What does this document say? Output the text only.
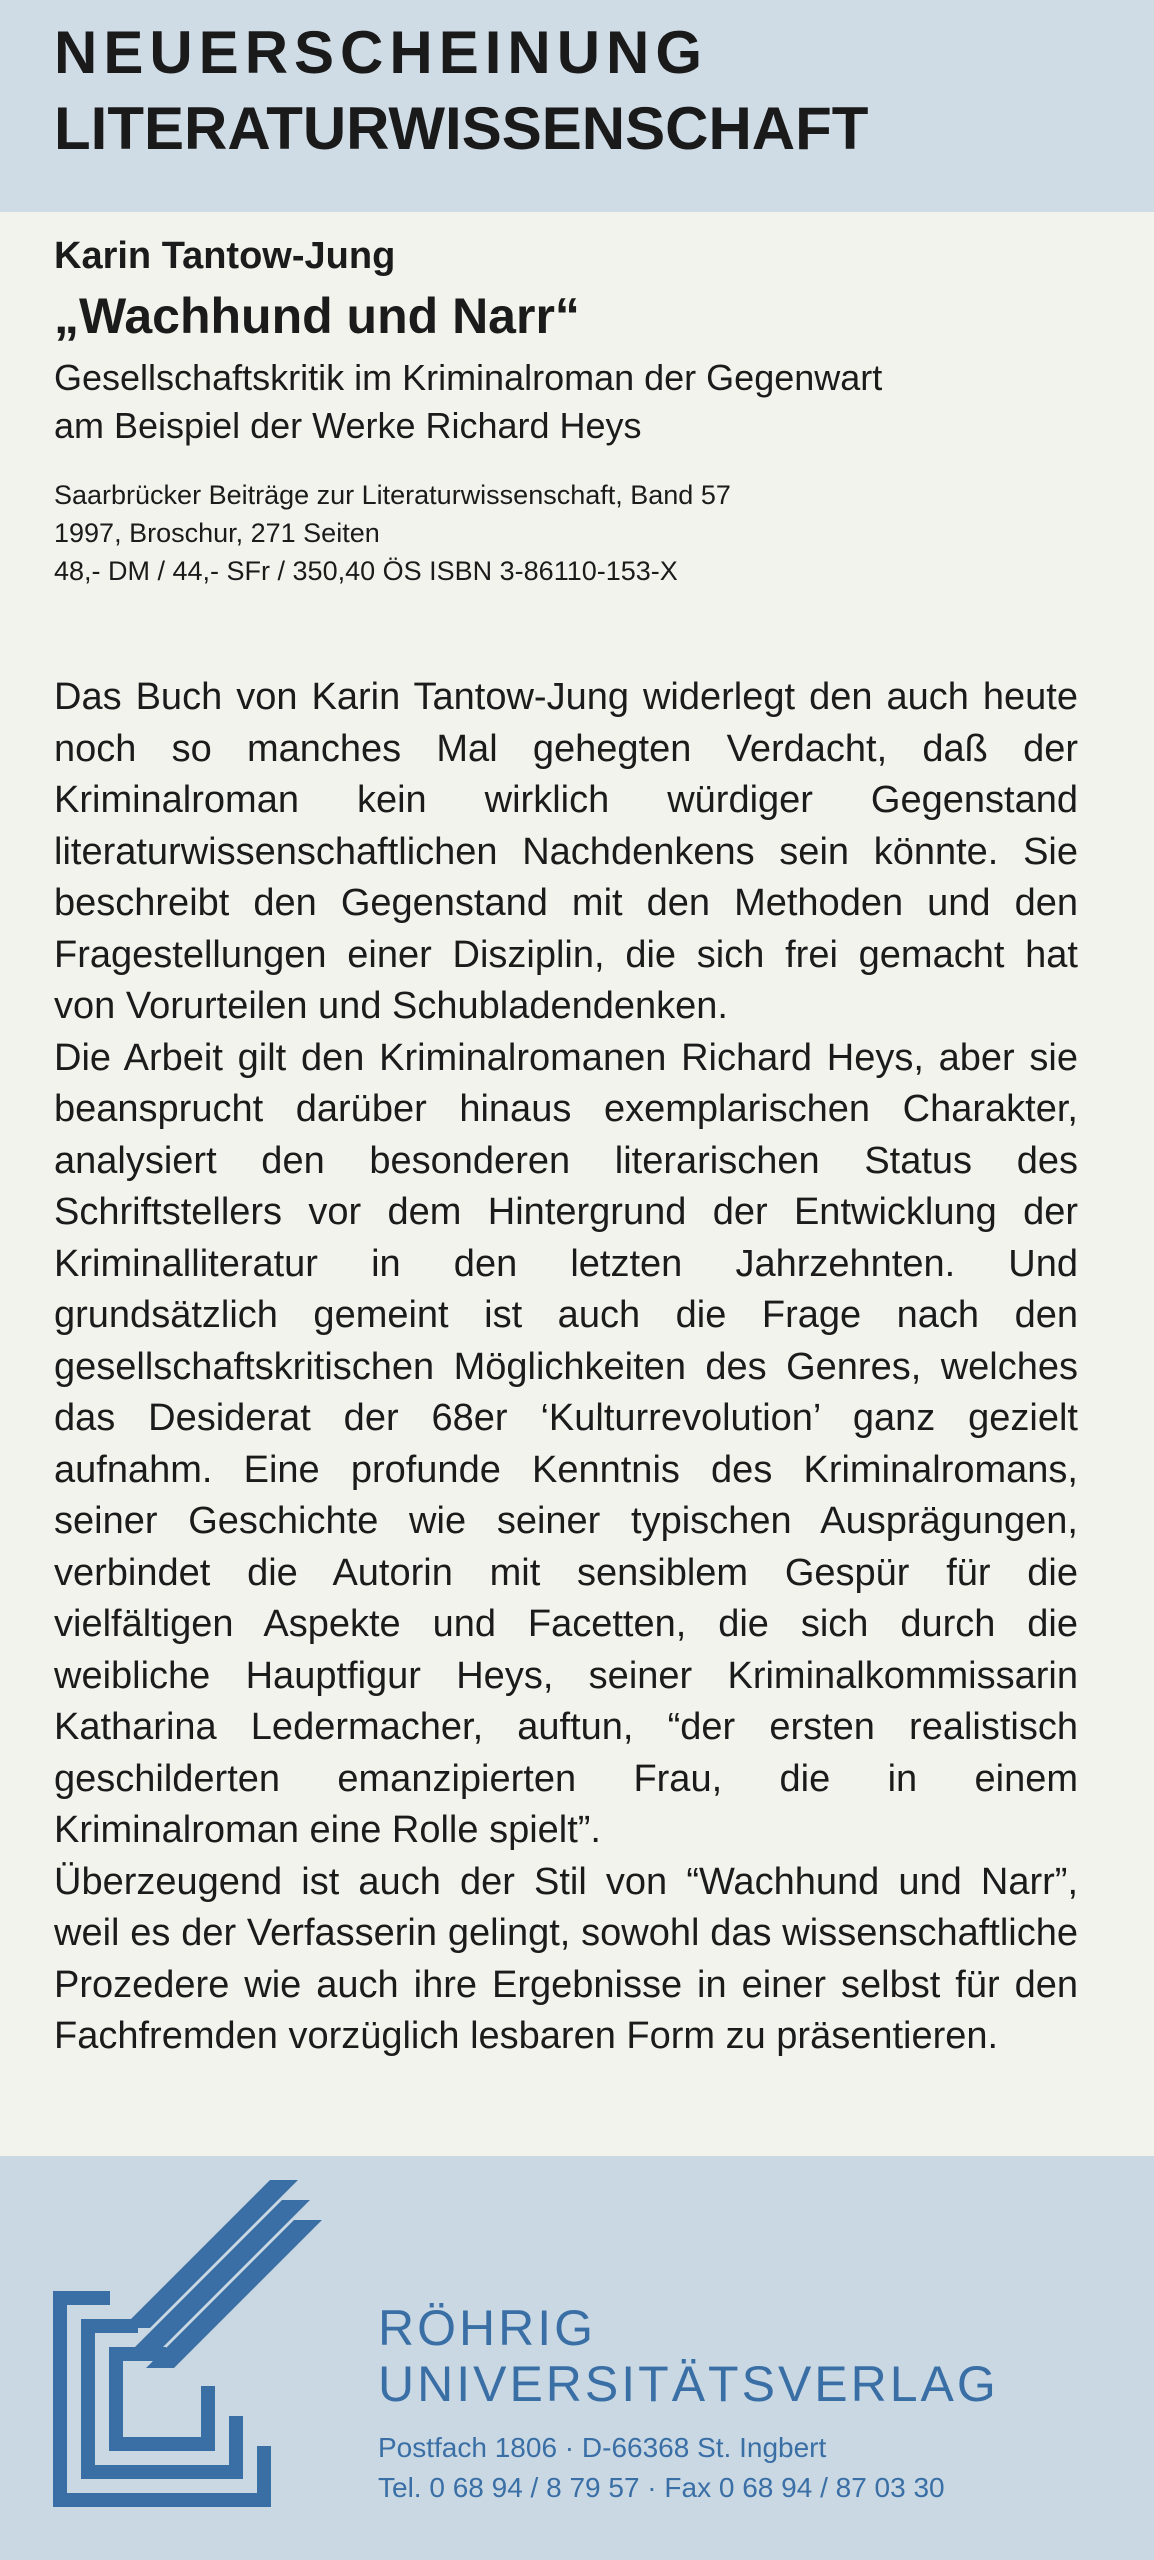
NEUERSCHEINUNG
LITERATURWISSENSCHAFT

Karin Tantow-Jung

„Wachhund und Narr“

Gesellschaftskritik im Kriminalroman der Gegenwart

am Beispiel der Werke Richard Heys

Saarbrücker Beiträge zur Literaturwissenschaft, Band 57
1997, Broschur, 271 Seiten
48,- DM / 44,- SFr / 350,40 ÖS ISBN 3-86110-153-X

Das Buch von Karin Tantow-Jung widerlegt den auch heute noch so manches Mal gehegten Verdacht, daß der Kriminalroman kein wirklich würdiger Gegenstand literaturwissenschaftlichen Nachdenkens sein könnte. Sie beschreibt den Gegenstand mit den Methoden und den Fragestellungen einer Disziplin, die sich frei gemacht hat von Vorurteilen und Schubladendenken.

Die Arbeit gilt den Kriminalromanen Richard Heys, aber sie beansprucht darüber hinaus exemplarischen Charakter, analysiert den besonderen literarischen Status des Schriftstellers vor dem Hintergrund der Entwicklung der Kriminalliteratur in den letzten Jahrzehnten. Und grundsätzlich gemeint ist auch die Frage nach den gesellschaftskritischen Möglichkeiten des Genres, welches das Desiderat der 68er ‘Kulturrevolution’ ganz gezielt aufnahm. Eine profunde Kenntnis des Kriminalromans, seiner Geschichte wie seiner typischen Ausprägungen, verbindet die Autorin mit sensiblem Gespür für die vielfältigen Aspekte und Facetten, die sich durch die weibliche Hauptfigur Heys, seiner Kriminalkommissarin Katharina Ledermacher, auftun, “der ersten realistisch geschilderten emanzipierten Frau, die in einem Kriminalroman eine Rolle spielt”.

Überzeugend ist auch der Stil von “Wachhund und Narr”, weil es der Verfasserin gelingt, sowohl das wissenschaftliche Prozedere wie auch ihre Ergebnisse in einer selbst für den Fachfremden vorzüglich lesbaren Form zu präsentieren.

RÖHRIG
UNIVERSITÄTSVERLAG
Postfach 1806 · D-66368 St. Ingbert
Tel. 0 68 94 / 8 79 57 · Fax 0 68 94 / 87 03 30
